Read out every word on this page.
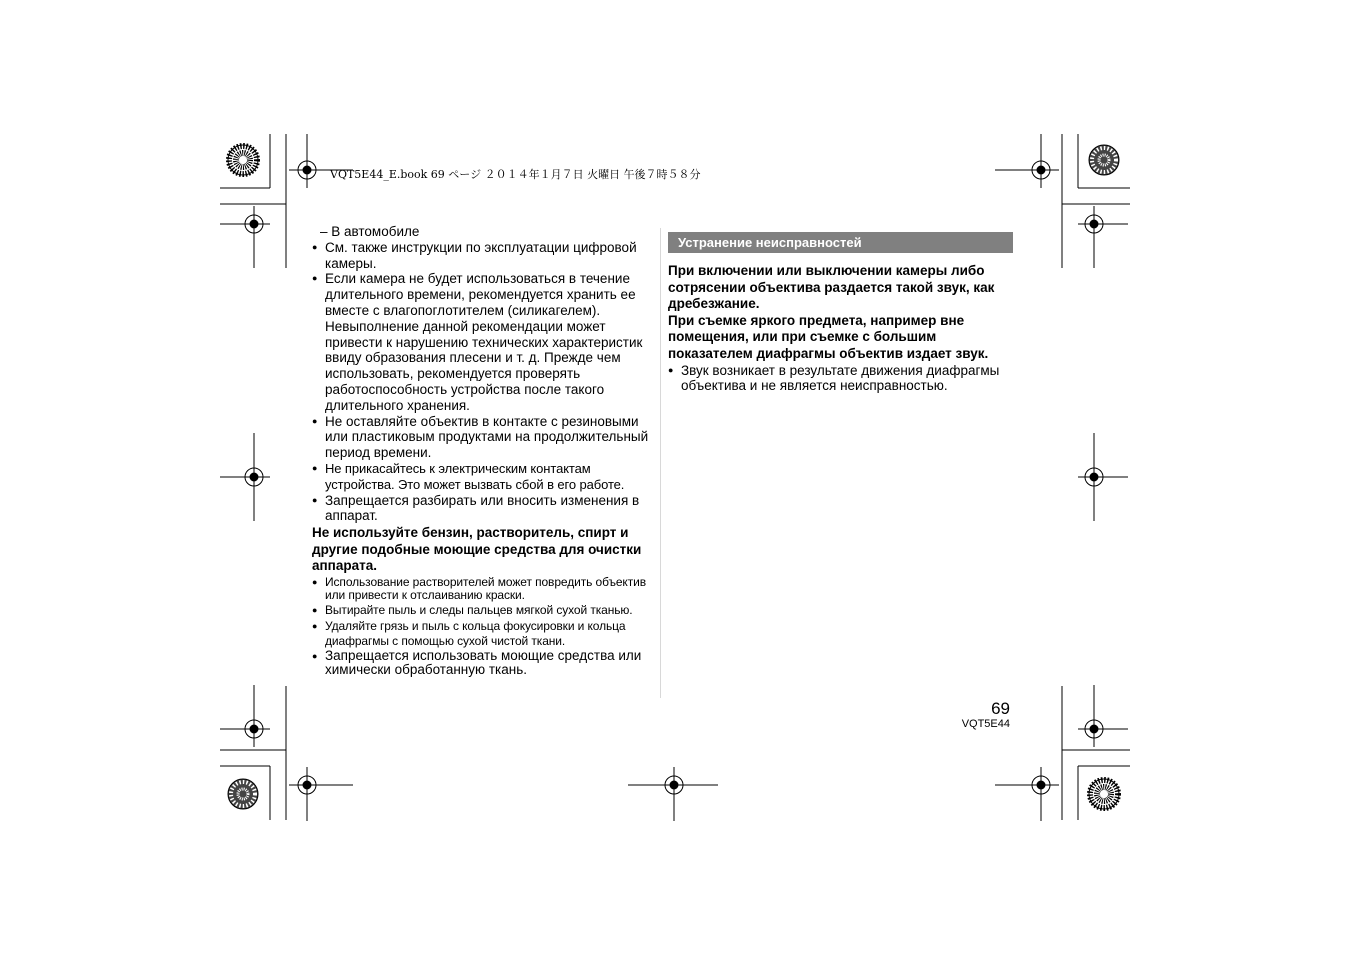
VQT5E44_E.book 69 ページ ２０１４年１月７日 火曜日 午後７時５８分
– В автомобиле
● См. также инструкции по эксплуатации цифровой камеры.
● Если камера не будет использоваться в течение длительного времени, рекомендуется хранить ее вместе с влагопоглотителем (силикагелем). Невыполнение данной рекомендации может привести к нарушению технических характеристик ввиду образования плесени и т. д. Прежде чем использовать, рекомендуется проверять работоспособность устройства после такого длительного хранения.
● Не оставляйте объектив в контакте с резиновыми или пластиковым продуктами на продолжительный период времени.
● Не прикасайтесь к электрическим контактам устройства. Это может вызвать сбой в его работе.
● Запрещается разбирать или вносить изменения в аппарат.
Не используйте бензин, растворитель, спирт и другие подобные моющие средства для очистки аппарата.
● Использование растворителей может повредить объектив или привести к отслаиванию краски.
● Вытирайте пыль и следы пальцев мягкой сухой тканью.
● Удаляйте грязь и пыль с кольца фокусировки и кольца диафрагмы с помощью сухой чистой ткани.
● Запрещается использовать моющие средства или химически обработанную ткань.
Устранение неисправностей
При включении или выключении камеры либо сотрясении объектива раздается такой звук, как дребезжание.
При съемке яркого предмета, например вне помещения, или при съемке с большим показателем диафрагмы объектив издает звук.
● Звук возникает в результате движения диафрагмы объектива и не является неисправностью.
69
VQT5E44
